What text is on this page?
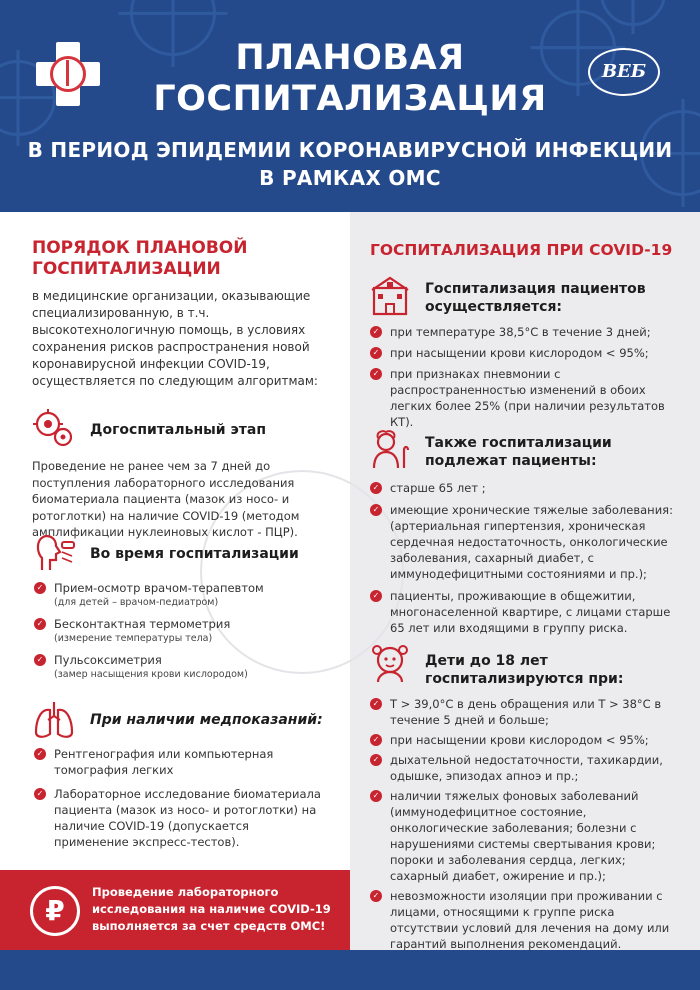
ПЛАНОВАЯ
ГОСПИТАЛИЗАЦИЯ
ВЕБ
В ПЕРИОД ЭПИДЕМИИ КОРОНАВИРУСНОЙ ИНФЕКЦИИ
В РАМКАХ ОМС
ПОРЯДОК ПЛАНОВОЙ
ГОСПИТАЛИЗАЦИИ
в медицинские организации, оказывающие специализированную, в т.ч. высокотехнологичную помощь, в условиях сохранения рисков распространения новой коронавирусной инфекции COVID-19, осуществляется по следующим алгоритмам:
Догоспитальный этап
Проведение не ранее чем за 7 дней до поступления лабораторного исследования биоматериала пациента (мазок из носо- и ротоглотки) на наличие COVID-19 (методом амплификации нуклеиновых кислот - ПЦР).
Во время госпитализации
✓ Прием-осмотр врачом-терапевтом
(для детей – врачом-педиатром)
✓ Бесконтактная термометрия
(измерение температуры тела)
✓ Пульсоксиметрия
(замер насыщения крови кислородом)
При наличии медпоказаний:
✓ Рентгенография или компьютерная томография легких
✓ Лабораторное исследование биоматериала пациента (мазок из носо- и ротоглотки) на наличие COVID-19 (допускается применение экспресс-тестов).
₽
Проведение лабораторного исследования на наличие COVID-19 выполняется за счет средств ОМС!
ГОСПИТАЛИЗАЦИЯ ПРИ COVID-19
Госпитализация пациентов
осуществляется:
✓ при температуре 38,5°С в течение 3 дней;
✓ при насыщении крови кислородом < 95%;
✓ при признаках пневмонии с распространенностью изменений в обоих легких более 25% (при наличии результатов КТ).
Также госпитализации
подлежат пациенты:
✓ старше 65 лет ;
✓ имеющие хронические тяжелые заболевания: (артериальная гипертензия, хроническая сердечная недостаточность, онкологические заболевания, сахарный диабет, с иммунодефицитными состояниями и пр.);
✓ пациенты, проживающие в общежитии, многонаселенной квартире, с лицами старше 65 лет или входящими в группу риска.
Дети до 18 лет
госпитализируются при:
✓ Т > 39,0°С в день обращения или Т > 38°С в течение 5 дней и больше;
✓ при насыщении крови кислородом < 95%;
✓ дыхательной недостаточности, тахикардии, одышке, эпизодах апноэ и пр.;
✓ наличии тяжелых фоновых заболеваний (иммунодефицитное состояние, онкологические заболевания; болезни с нарушениями системы свертывания крови; пороки и заболевания сердца, легких; сахарный диабет, ожирение и пр.);
✓ невозможности изоляции при проживании с лицами, относящими к группе риска отсутствии условий для лечения на дому или гарантий выполнения рекомендаций.
